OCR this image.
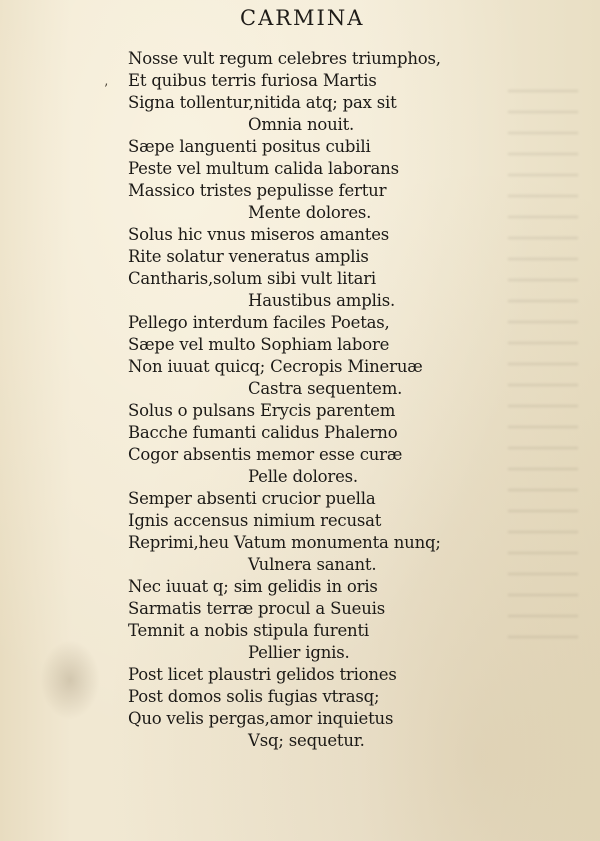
CARMINA
’
Nosse vult regum celebres triumphos,
Et quibus terris furiosa Martis
Signa tollentur,nitida atq; pax sit
Omnia nouit.
Sæpe languenti positus cubili
Peste vel multum calida laborans
Massico tristes pepulisse fertur
Mente dolores.
Solus hic vnus miseros amantes
Rite solatur veneratus amplis
Cantharis,solum sibi vult litari
Haustibus amplis.
Pellego interdum faciles Poetas,
Sæpe vel multo Sophiam labore
Non iuuat quicq; Cecropis Mineruæ
Castra sequentem.
Solus o pulsans Erycis parentem
Bacche fumanti calidus Phalerno
Cogor absentis memor esse curæ
Pelle dolores.
Semper absenti crucior puella
Ignis accensus nimium recusat
Reprimi,heu Vatum monumenta nunq;
Vulnera sanant.
Nec iuuat q; sim gelidis in oris
Sarmatis terræ procul a Sueuis
Temnit a nobis stipula furenti
Pellier ignis.
Post licet plaustri gelidos triones
Post domos solis fugias vtrasq;
Quo velis pergas,amor inquietus
Vsq; sequetur.
